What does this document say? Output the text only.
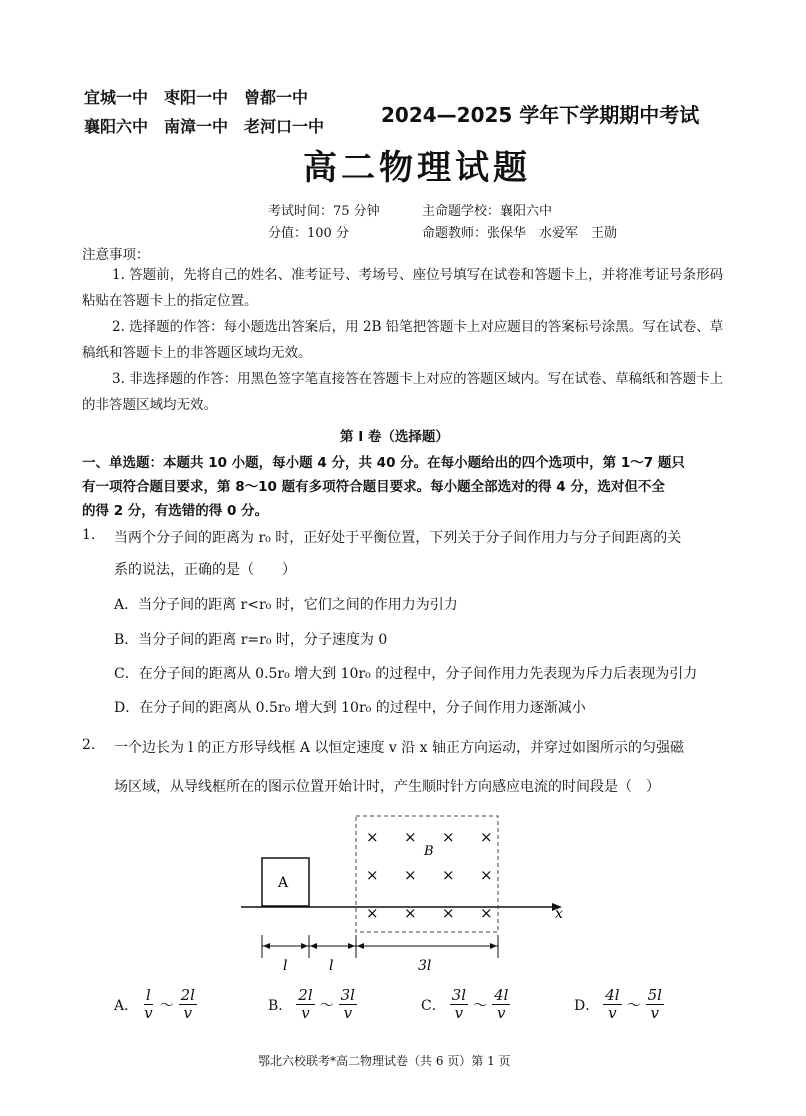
宜城一中　枣阳一中　曾都一中
襄阳六中　南漳一中　老河口一中	2024—2025 学年下学期期中考试
高二物理试题
考试时间：75 分钟	主命题学校：襄阳六中
分值：100 分	命题教师：张保华　水爱军　王勋
注意事项：
1. 答题前，先将自己的姓名、准考证号、考场号、座位号填写在试卷和答题卡上，并将准考证号条形码粘贴在答题卡上的指定位置。
2. 选择题的作答：每小题选出答案后，用 2B 铅笔把答题卡上对应题目的答案标号涂黑。写在试卷、草稿纸和答题卡上的非答题区域均无效。
3. 非选择题的作答：用黑色签字笔直接答在答题卡上对应的答题区域内。写在试卷、草稿纸和答题卡上的非答题区域均无效。
第 I 卷（选择题）
一、单选题：本题共 10 小题，每小题 4 分，共 40 分。在每小题给出的四个选项中，第 1～7 题只
有一项符合题目要求，第 8～10 题有多项符合题目要求。每小题全部选对的得 4 分，选对但不全
的得 2 分，有选错的得 0 分。
1. 当两个分子间的距离为 r₀ 时，正好处于平衡位置，下列关于分子间作用力与分子间距离的关
系的说法，正确的是（　　）
A．当分子间的距离 r<r₀ 时，它们之间的作用力为引力
B．当分子间的距离 r=r₀ 时，分子速度为 0
C．在分子间的距离从 0.5r₀ 增大到 10r₀ 的过程中，分子间作用力先表现为斥力后表现为引力
D．在分子间的距离从 0.5r₀ 增大到 10r₀ 的过程中，分子间作用力逐渐减小
2. 一个边长为 l 的正方形导线框 A 以恒定速度 v 沿 x 轴正方向运动，并穿过如图所示的匀强磁
场区域，从导线框所在的图示位置开始计时，产生顺时针方向感应电流的时间段是（　）
x
A
B
× × × ×
× × × ×
× × × ×
l	l	3l
A． $\frac{l}{v}$ ～ $\frac{2l}{v}$	B． $\frac{2l}{v}$ ～ $\frac{3l}{v}$	C． $\frac{3l}{v}$ ～ $\frac{4l}{v}$	D． $\frac{4l}{v}$ ～ $\frac{5l}{v}$
鄂北六校联考*高二物理试卷（共 6 页）第 1 页
